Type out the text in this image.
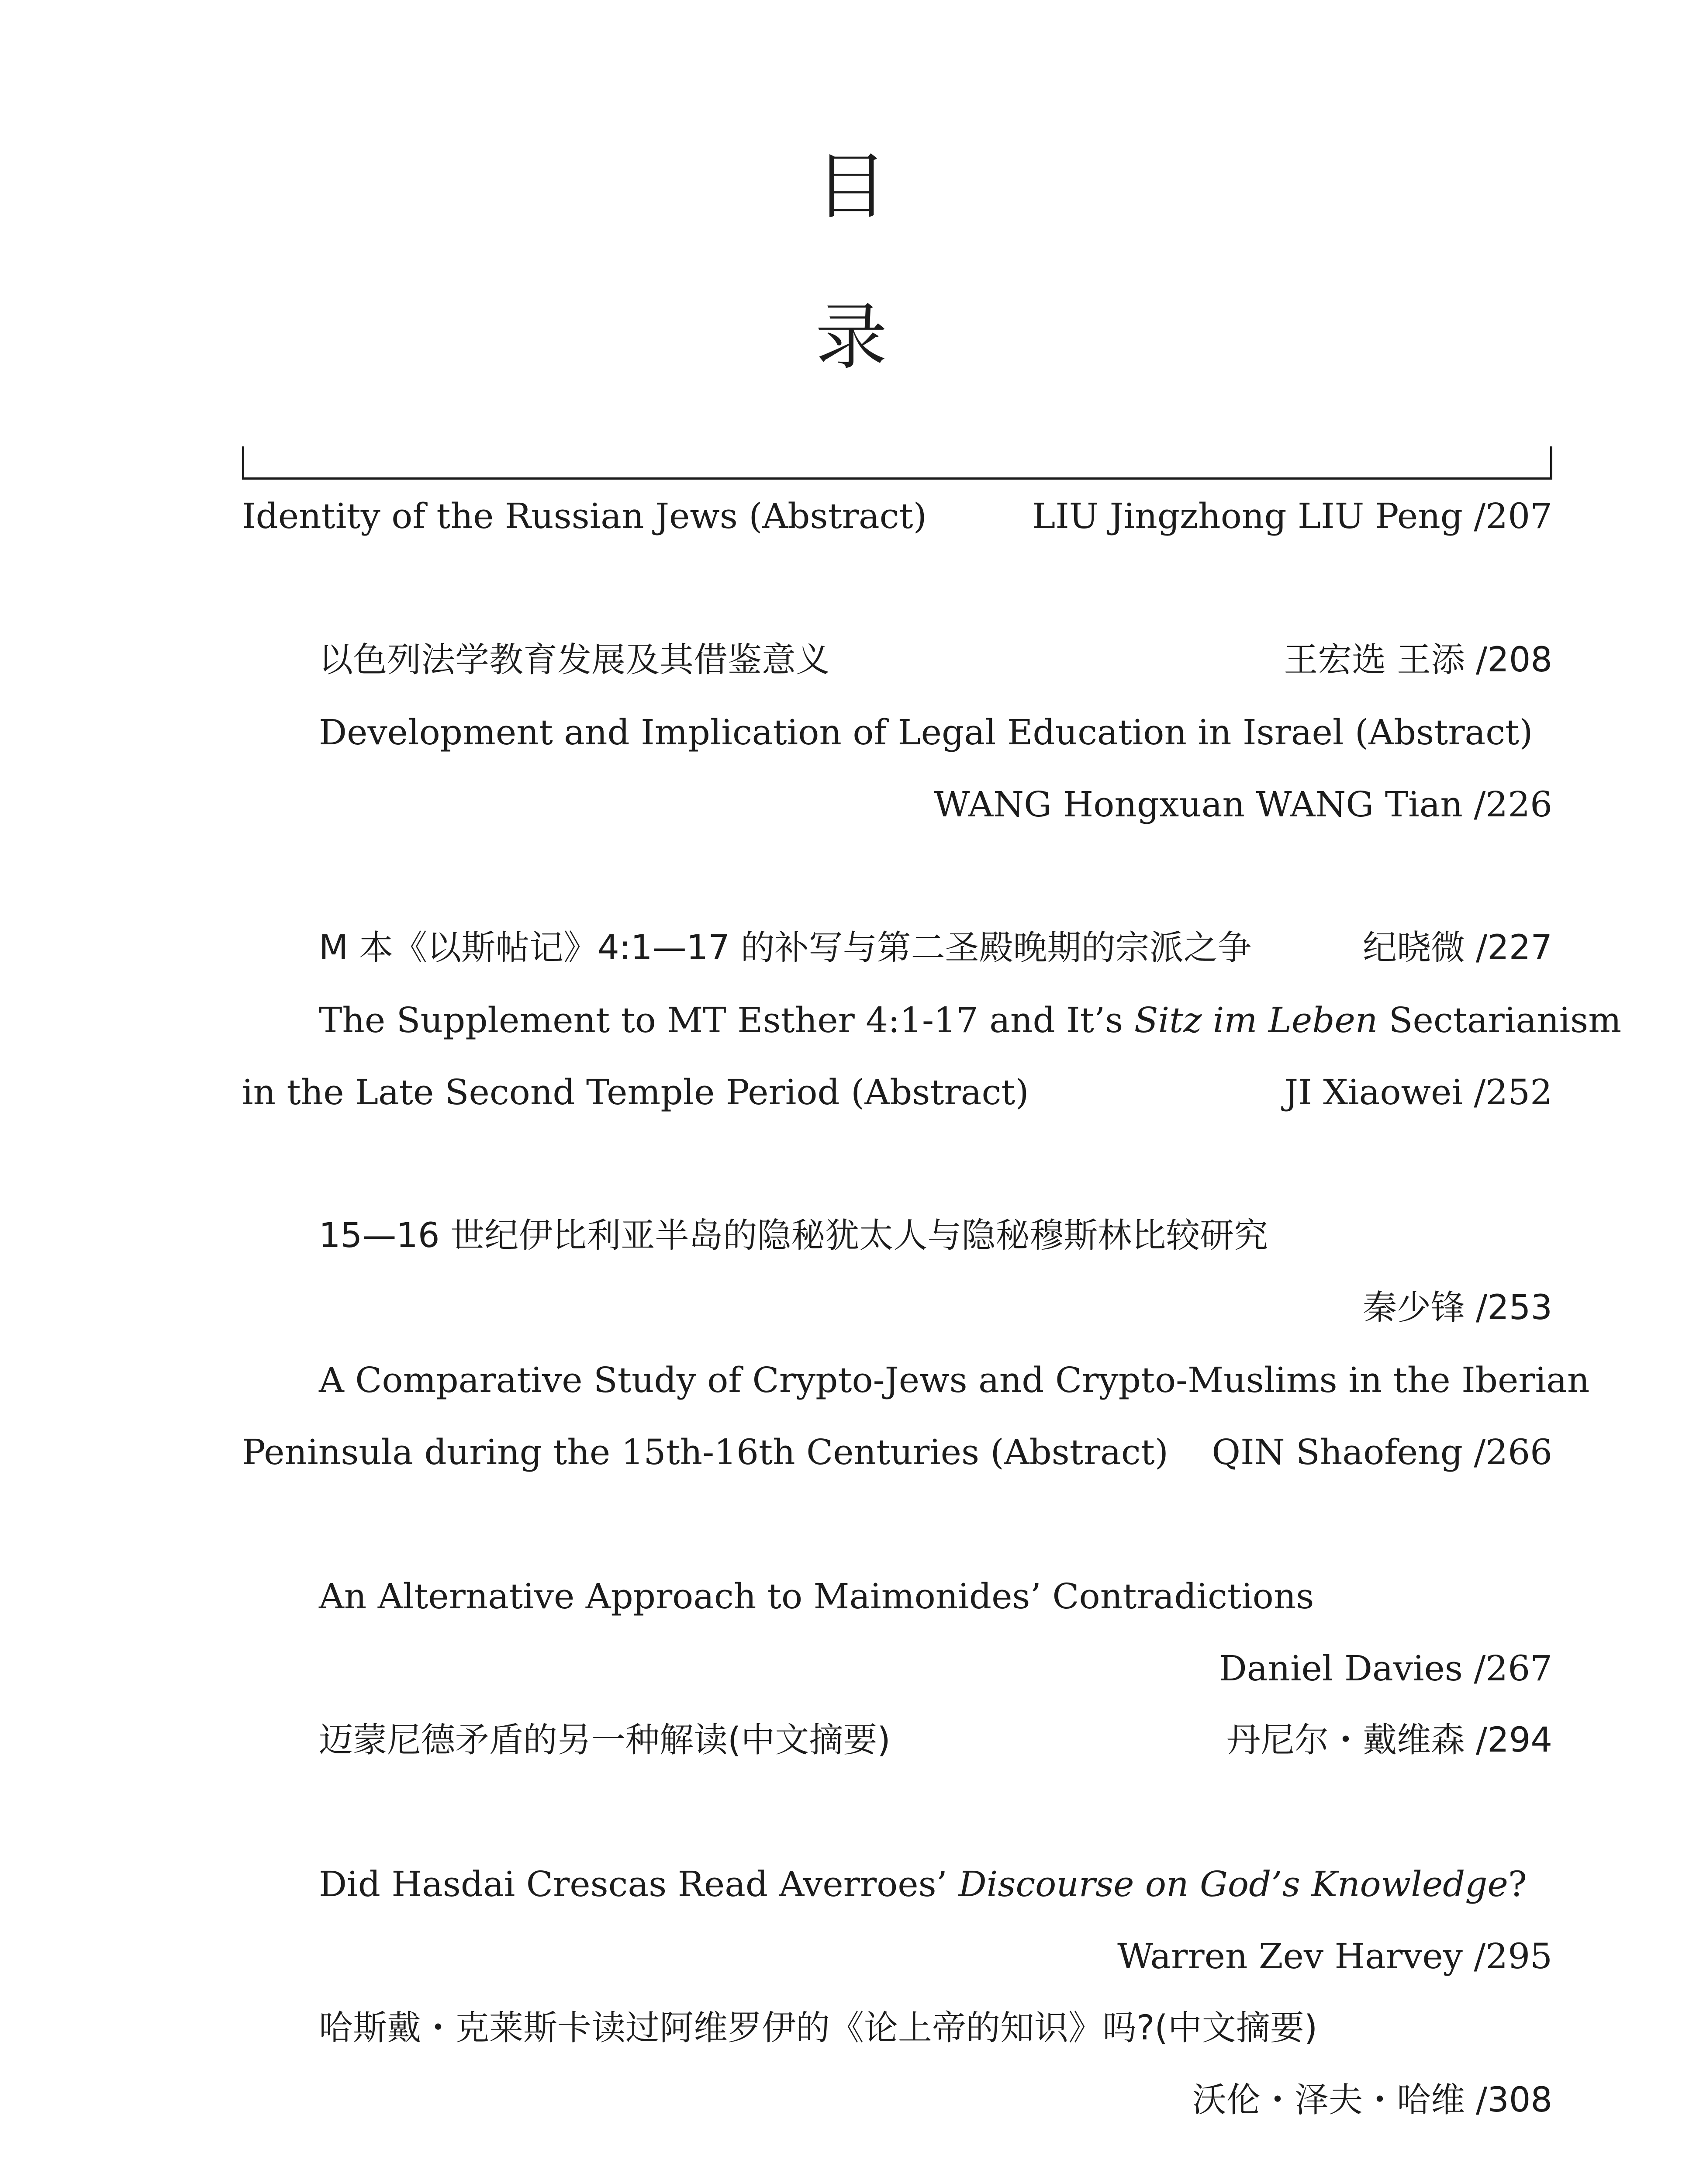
目
录
Identity of the Russian Jews (Abstract)	LIU Jingzhong LIU Peng /207
以色列法学教育发展及其借鉴意义	王宏选 王添 /208
Development and Implication of Legal Education in Israel (Abstract)
WANG Hongxuan WANG Tian /226
M 本《以斯帖记》4:1—17 的补写与第二圣殿晚期的宗派之争	纪晓微 /227
The Supplement to MT Esther 4:1-17 and It’s Sitz im Leben Sectarianism
in the Late Second Temple Period (Abstract)	JI Xiaowei /252
15—16 世纪伊比利亚半岛的隐秘犹太人与隐秘穆斯林比较研究
秦少锋 /253
A Comparative Study of Crypto-Jews and Crypto-Muslims in the Iberian
Peninsula during the 15th-16th Centuries (Abstract) QIN Shaofeng /266
An Alternative Approach to Maimonides’ Contradictions
Daniel Davies /267
迈蒙尼德矛盾的另一种解读(中文摘要)	丹尼尔・戴维森 /294
Did Hasdai Crescas Read Averroes’ Discourse on God’s Knowledge?
Warren Zev Harvey /295
哈斯戴・克莱斯卡读过阿维罗伊的《论上帝的知识》吗?(中文摘要)
沃伦・泽夫・哈维 /308
